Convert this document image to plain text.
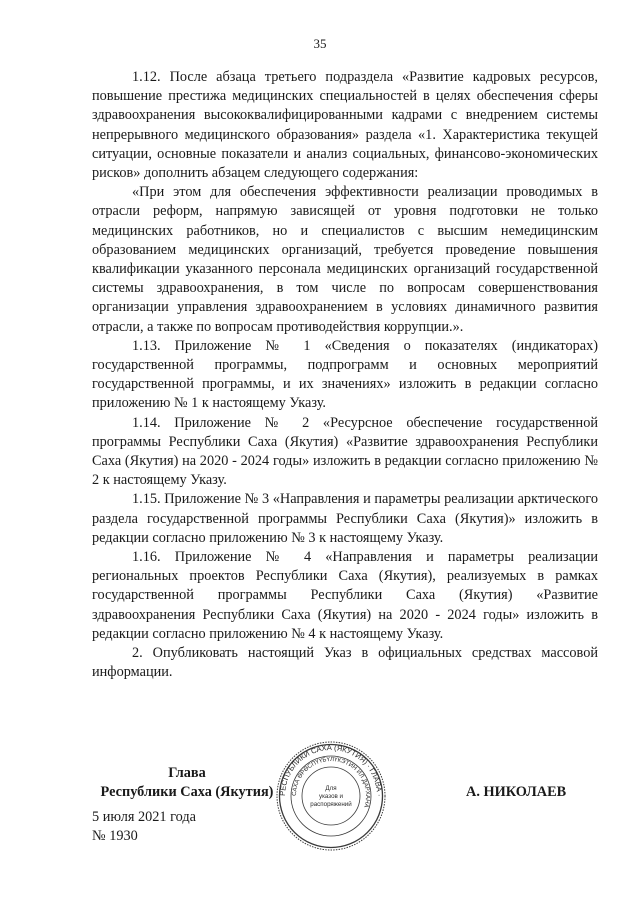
35

1.12. После абзаца третьего подраздела «Развитие кадровых ресурсов, повышение престижа медицинских специальностей в целях обеспечения сферы здравоохранения высококвалифицированными кадрами с внедрением системы непрерывного медицинского образования» раздела «1. Характеристика текущей ситуации, основные показатели и анализ социальных, финансово-экономических рисков» дополнить абзацем следующего содержания:

«При этом для обеспечения эффективности реализации проводимых в отрасли реформ, напрямую зависящей от уровня подготовки не только медицинских работников, но и специалистов с высшим немедицинским образованием медицинских организаций, требуется проведение повышения квалификации указанного персонала медицинских организаций государственной системы здравоохранения, в том числе по вопросам совершенствования организации управления здравоохранением в условиях динамичного развития отрасли, а также по вопросам противодействия коррупции.».

1.13. Приложение № 1 «Сведения о показателях (индикаторах) государственной программы, подпрограмм и основных мероприятий государственной программы, и их значениях» изложить в редакции согласно приложению № 1 к настоящему Указу.

1.14. Приложение № 2 «Ресурсное обеспечение государственной программы Республики Саха (Якутия) «Развитие здравоохранения Республики Саха (Якутия) на 2020 - 2024 годы» изложить в редакции согласно приложению № 2 к настоящему Указу.

1.15. Приложение № 3 «Направления и параметры реализации арктического раздела государственной программы Республики Саха (Якутия)» изложить в редакции согласно приложению № 3 к настоящему Указу.

1.16. Приложение № 4 «Направления и параметры реализации региональных проектов Республики Саха (Якутия), реализуемых в рамках государственной программы Республики Саха (Якутия) «Развитие здравоохранения Республики Саха (Якутия) на 2020 - 2024 годы» изложить в редакции согласно приложению № 4 к настоящему Указу.

2. Опубликовать настоящий Указ в официальных средствах массовой информации.

Глава
Республики Саха (Якутия) РЕСПУБЛИКИ САХА (ЯКУТИЯ) · ГЛАВА ·
САХА ӨРӨСПҮҮБҮЛҮКЭТИН ИЛ ДАРХАНА
Для
указов и
распоряжений
А. НИКОЛАЕВ
5 июля 2021 года
№ 1930
